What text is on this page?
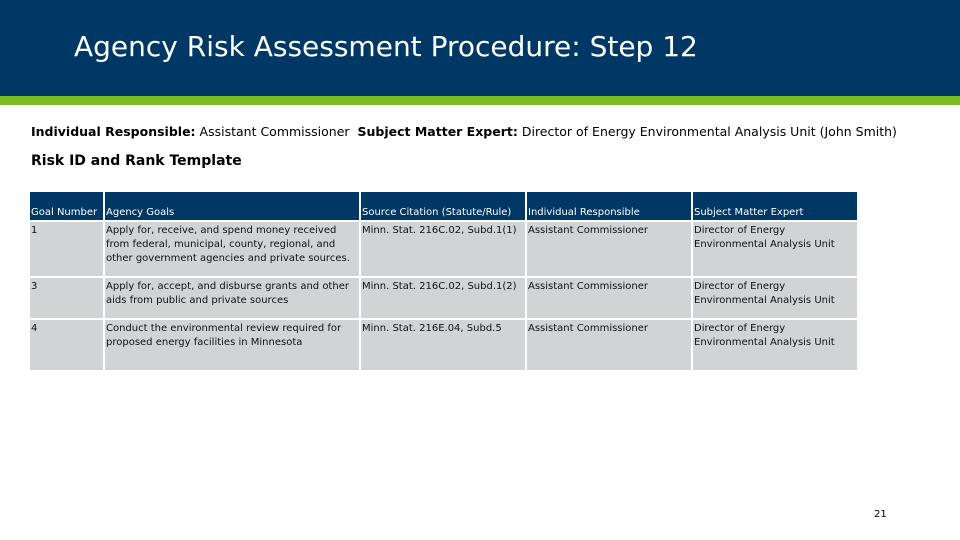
Agency Risk Assessment Procedure: Step 12
Individual Responsible: Assistant Commissioner Subject Matter Expert: Director of Energy Environmental Analysis Unit (John Smith)
Risk ID and Rank Template
Goal Number	Agency Goals	Source Citation (Statute/Rule)	Individual Responsible	Subject Matter Expert
1	Apply for, receive, and spend money received from federal, municipal, county, regional, and other government agencies and private sources.	Minn. Stat. 216C.02, Subd.1(1)	Assistant Commissioner	Director of Energy Environmental Analysis Unit
3	Apply for, accept, and disburse grants and other aids from public and private sources	Minn. Stat. 216C.02, Subd.1(2)	Assistant Commissioner	Director of Energy Environmental Analysis Unit
4	Conduct the environmental review required for proposed energy facilities in Minnesota	Minn. Stat. 216E.04, Subd.5	Assistant Commissioner	Director of Energy Environmental Analysis Unit
21
